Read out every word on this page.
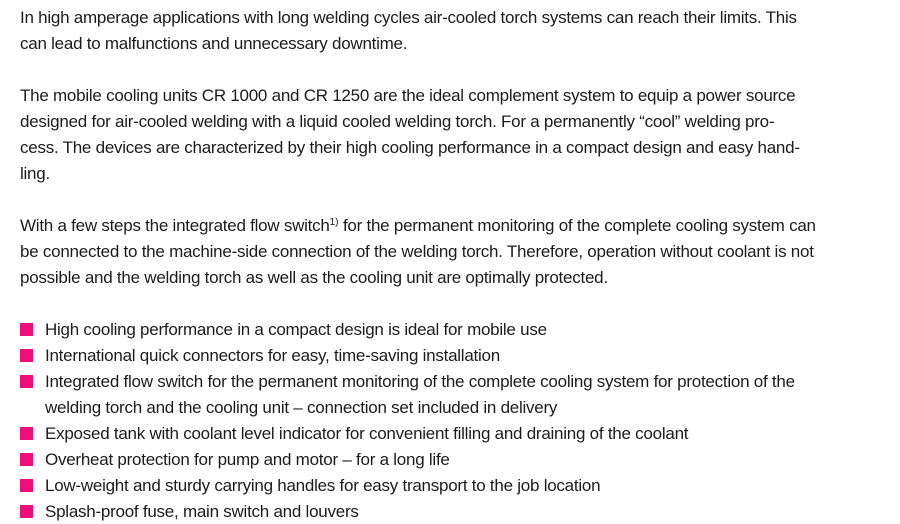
In high amperage applications with long welding cycles air-cooled torch systems can reach their limits. This
can lead to malfunctions and unnecessary downtime.
The mobile cooling units CR 1000 and CR 1250 are the ideal complement system to equip a power source
designed for air-cooled welding with a liquid cooled welding torch. For a permanently “cool” welding pro-
cess. The devices are characterized by their high cooling performance in a compact design and easy hand-
ling.
With a few steps the integrated flow switch$^{1)}$ for the permanent monitoring of the complete cooling system can
be connected to the machine-side connection of the welding torch. Therefore, operation without coolant is not
possible and the welding torch as well as the cooling unit are optimally protected.
High cooling performance in a compact design is ideal for mobile use
International quick connectors for easy, time-saving installation
Integrated flow switch for the permanent monitoring of the complete cooling system for protection of the
welding torch and the cooling unit – connection set included in delivery
Exposed tank with coolant level indicator for convenient filling and draining of the coolant
Overheat protection for pump and motor – for a long life
Low-weight and sturdy carrying handles for easy transport to the job location
Splash-proof fuse, main switch and louvers
